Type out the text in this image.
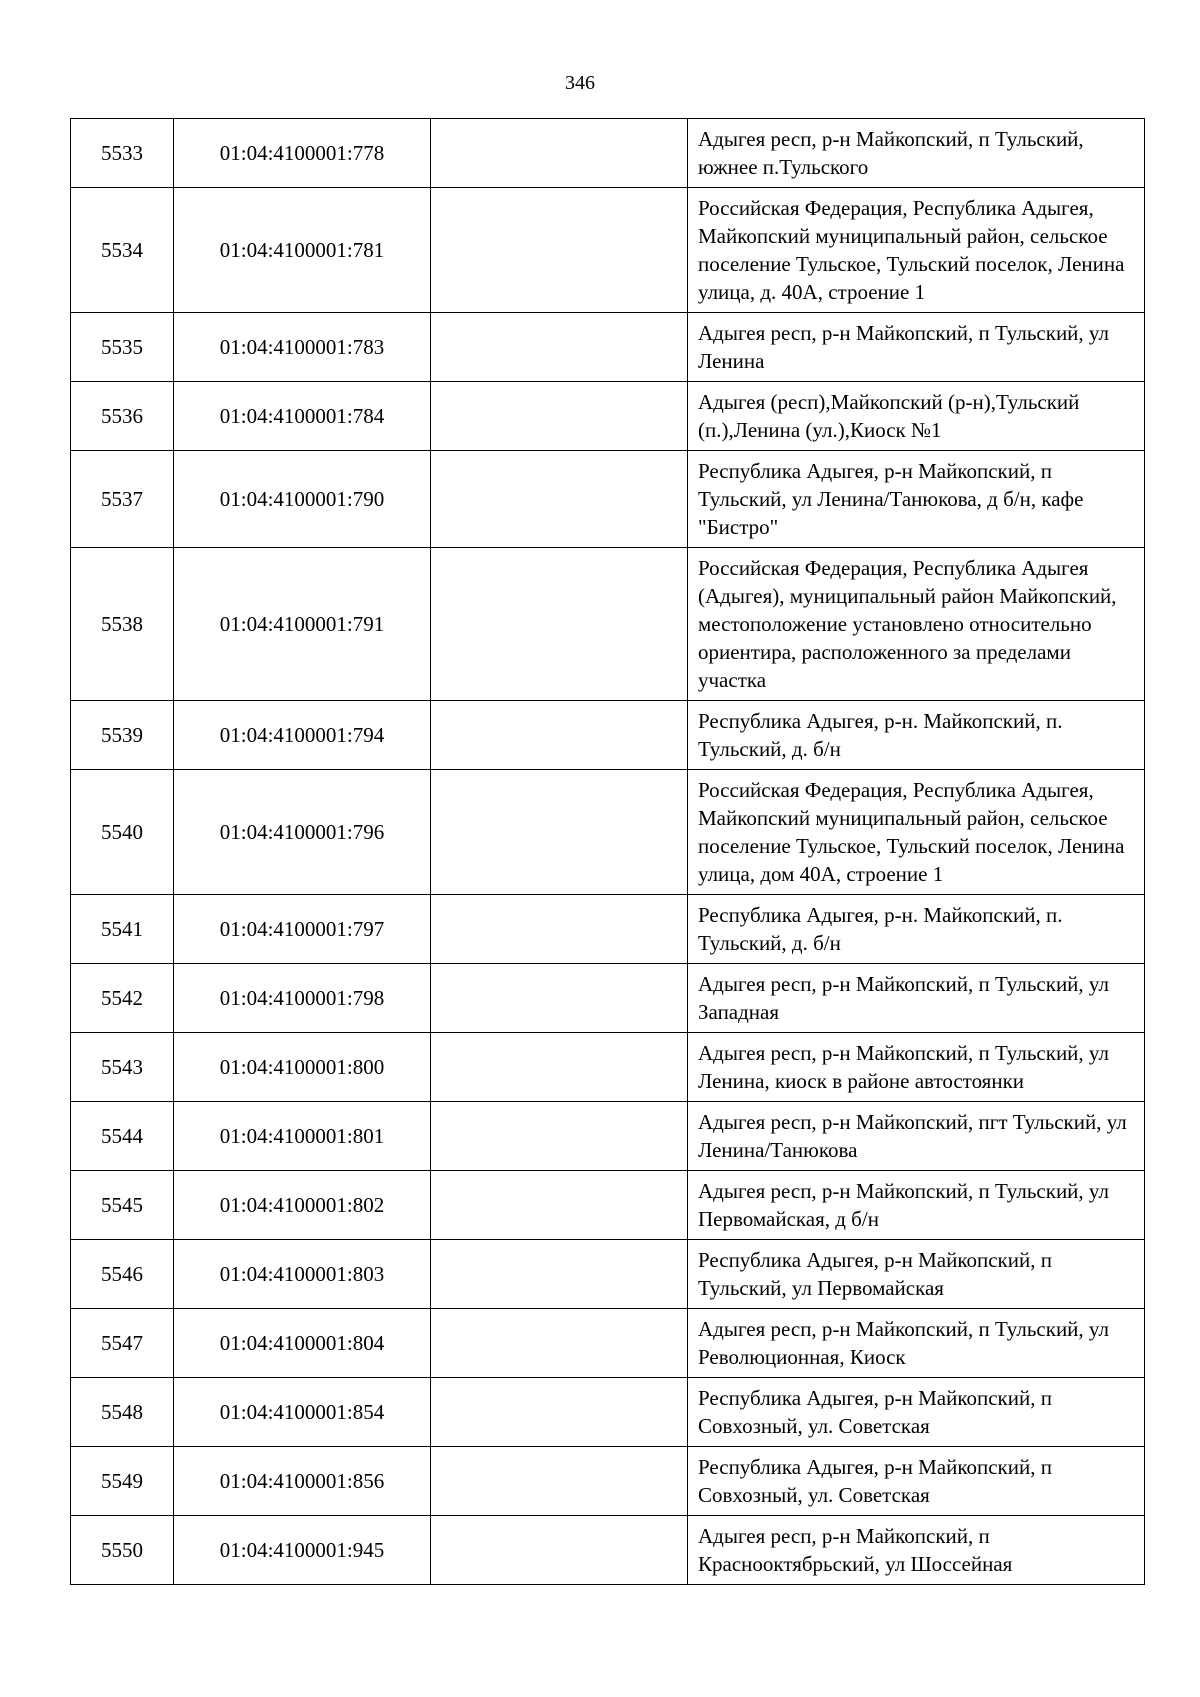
346
5533	01:04:4100001:778		Адыгея респ, р-н Майкопский, п Тульский, южнее п.Тульского
5534	01:04:4100001:781		Российская Федерация, Республика Адыгея, Майкопский муниципальный район, сельское поселение Тульское, Тульский поселок, Ленина улица, д. 40А, строение 1
5535	01:04:4100001:783		Адыгея респ, р-н Майкопский, п Тульский, ул Ленина
5536	01:04:4100001:784		Адыгея (респ),Майкопский (р-н),Тульский (п.),Ленина (ул.),Киоск №1
5537	01:04:4100001:790		Республика Адыгея, р-н Майкопский, п Тульский, ул Ленина/Танюкова, д б/н, кафе "Бистро"
5538	01:04:4100001:791		Российская Федерация, Республика Адыгея (Адыгея), муниципальный район Майкопский, местоположение установлено относительно ориентира, расположенного за пределами участка
5539	01:04:4100001:794		Республика Адыгея, р-н. Майкопский, п. Тульский, д. б/н
5540	01:04:4100001:796		Российская Федерация, Республика Адыгея, Майкопский муниципальный район, сельское поселение Тульское, Тульский поселок, Ленина улица, дом 40А, строение 1
5541	01:04:4100001:797		Республика Адыгея, р-н. Майкопский, п. Тульский, д. б/н
5542	01:04:4100001:798		Адыгея респ, р-н Майкопский, п Тульский, ул Западная
5543	01:04:4100001:800		Адыгея респ, р-н Майкопский, п Тульский, ул Ленина, киоск в районе автостоянки
5544	01:04:4100001:801		Адыгея респ, р-н Майкопский, пгт Тульский, ул Ленина/Танюкова
5545	01:04:4100001:802		Адыгея респ, р-н Майкопский, п Тульский, ул Первомайская, д б/н
5546	01:04:4100001:803		Республика Адыгея, р-н Майкопский, п Тульский, ул Первомайская
5547	01:04:4100001:804		Адыгея респ, р-н Майкопский, п Тульский, ул Революционная, Киоск
5548	01:04:4100001:854		Республика Адыгея, р-н Майкопский, п Совхозный, ул. Советская
5549	01:04:4100001:856		Республика Адыгея, р-н Майкопский, п Совхозный, ул. Советская
5550	01:04:4100001:945		Адыгея респ, р-н Майкопский, п Краснооктябрьский, ул Шоссейная
